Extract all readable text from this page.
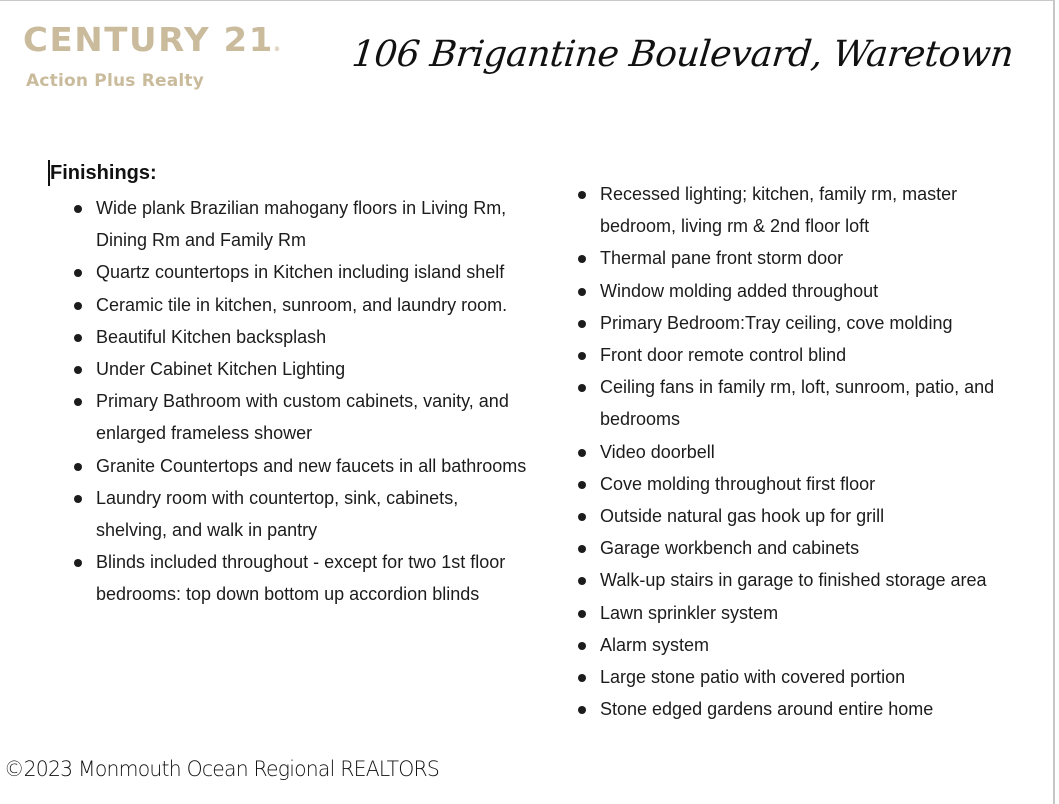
CENTURY 21®
Action Plus Realty
106 Brigantine Boulevard, Waretown
Finishings:
Wide plank Brazilian mahogany floors in Living Rm, Dining Rm and Family Rm
Quartz countertops in Kitchen including island shelf
Ceramic tile in kitchen, sunroom, and laundry room.
Beautiful Kitchen backsplash
Under Cabinet Kitchen Lighting
Primary Bathroom with custom cabinets, vanity, and enlarged frameless shower
Granite Countertops and new faucets in all bathrooms
Laundry room with countertop, sink, cabinets, shelving, and walk in pantry
Blinds included throughout - except for two 1st floor bedrooms: top down bottom up accordion blinds
Recessed lighting; kitchen, family rm, master bedroom, living rm & 2nd floor loft
Thermal pane front storm door
Window molding added throughout
Primary Bedroom:Tray ceiling, cove molding
Front door remote control blind
Ceiling fans in family rm, loft, sunroom, patio, and bedrooms
Video doorbell
Cove molding throughout first floor
Outside natural gas hook up for grill
Garage workbench and cabinets
Walk-up stairs in garage to finished storage area
Lawn sprinkler system
Alarm system
Large stone patio with covered portion
Stone edged gardens around entire home
©2023 Monmouth Ocean Regional REALTORS
